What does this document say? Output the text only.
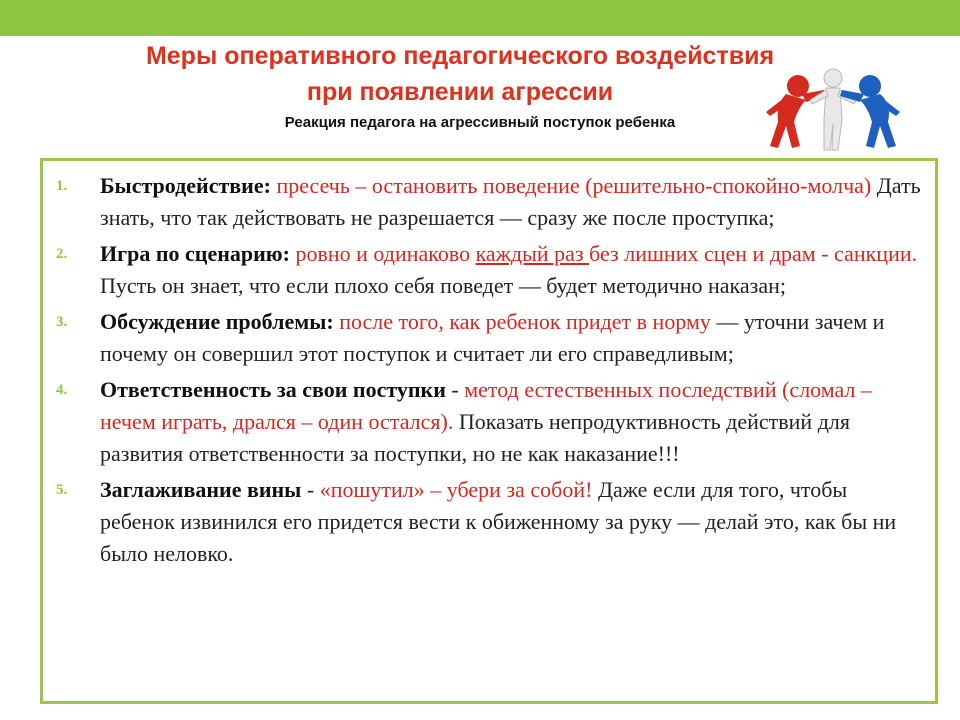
Меры оперативного педагогического воздействия
при появлении агрессии
Реакция педагога на агрессивный поступок ребенка
1. Быстродействие: пресечь – остановить поведение (решительно-спокойно-молча) Дать знать, что так действовать не разрешается — сразу же после проступка;
2. Игра по сценарию: ровно и одинаково каждый раз без лишних сцен и драм - санкции. Пусть он знает, что если плохо себя поведет — будет методично наказан;
3. Обсуждение проблемы: после того, как ребенок придет в норму — уточни зачем и почему он совершил этот поступок и считает ли его справедливым;
4. Ответственность за свои поступки - метод естественных последствий (сломал – нечем играть, дрался – один остался). Показать непродуктивность действий для развития ответственности за поступки, но не как наказание!!!
5. Заглаживание вины - «пошутил» – убери за собой! Даже если для того, чтобы ребенок извинился его придется вести к обиженному за руку — делай это, как бы ни было неловко.
